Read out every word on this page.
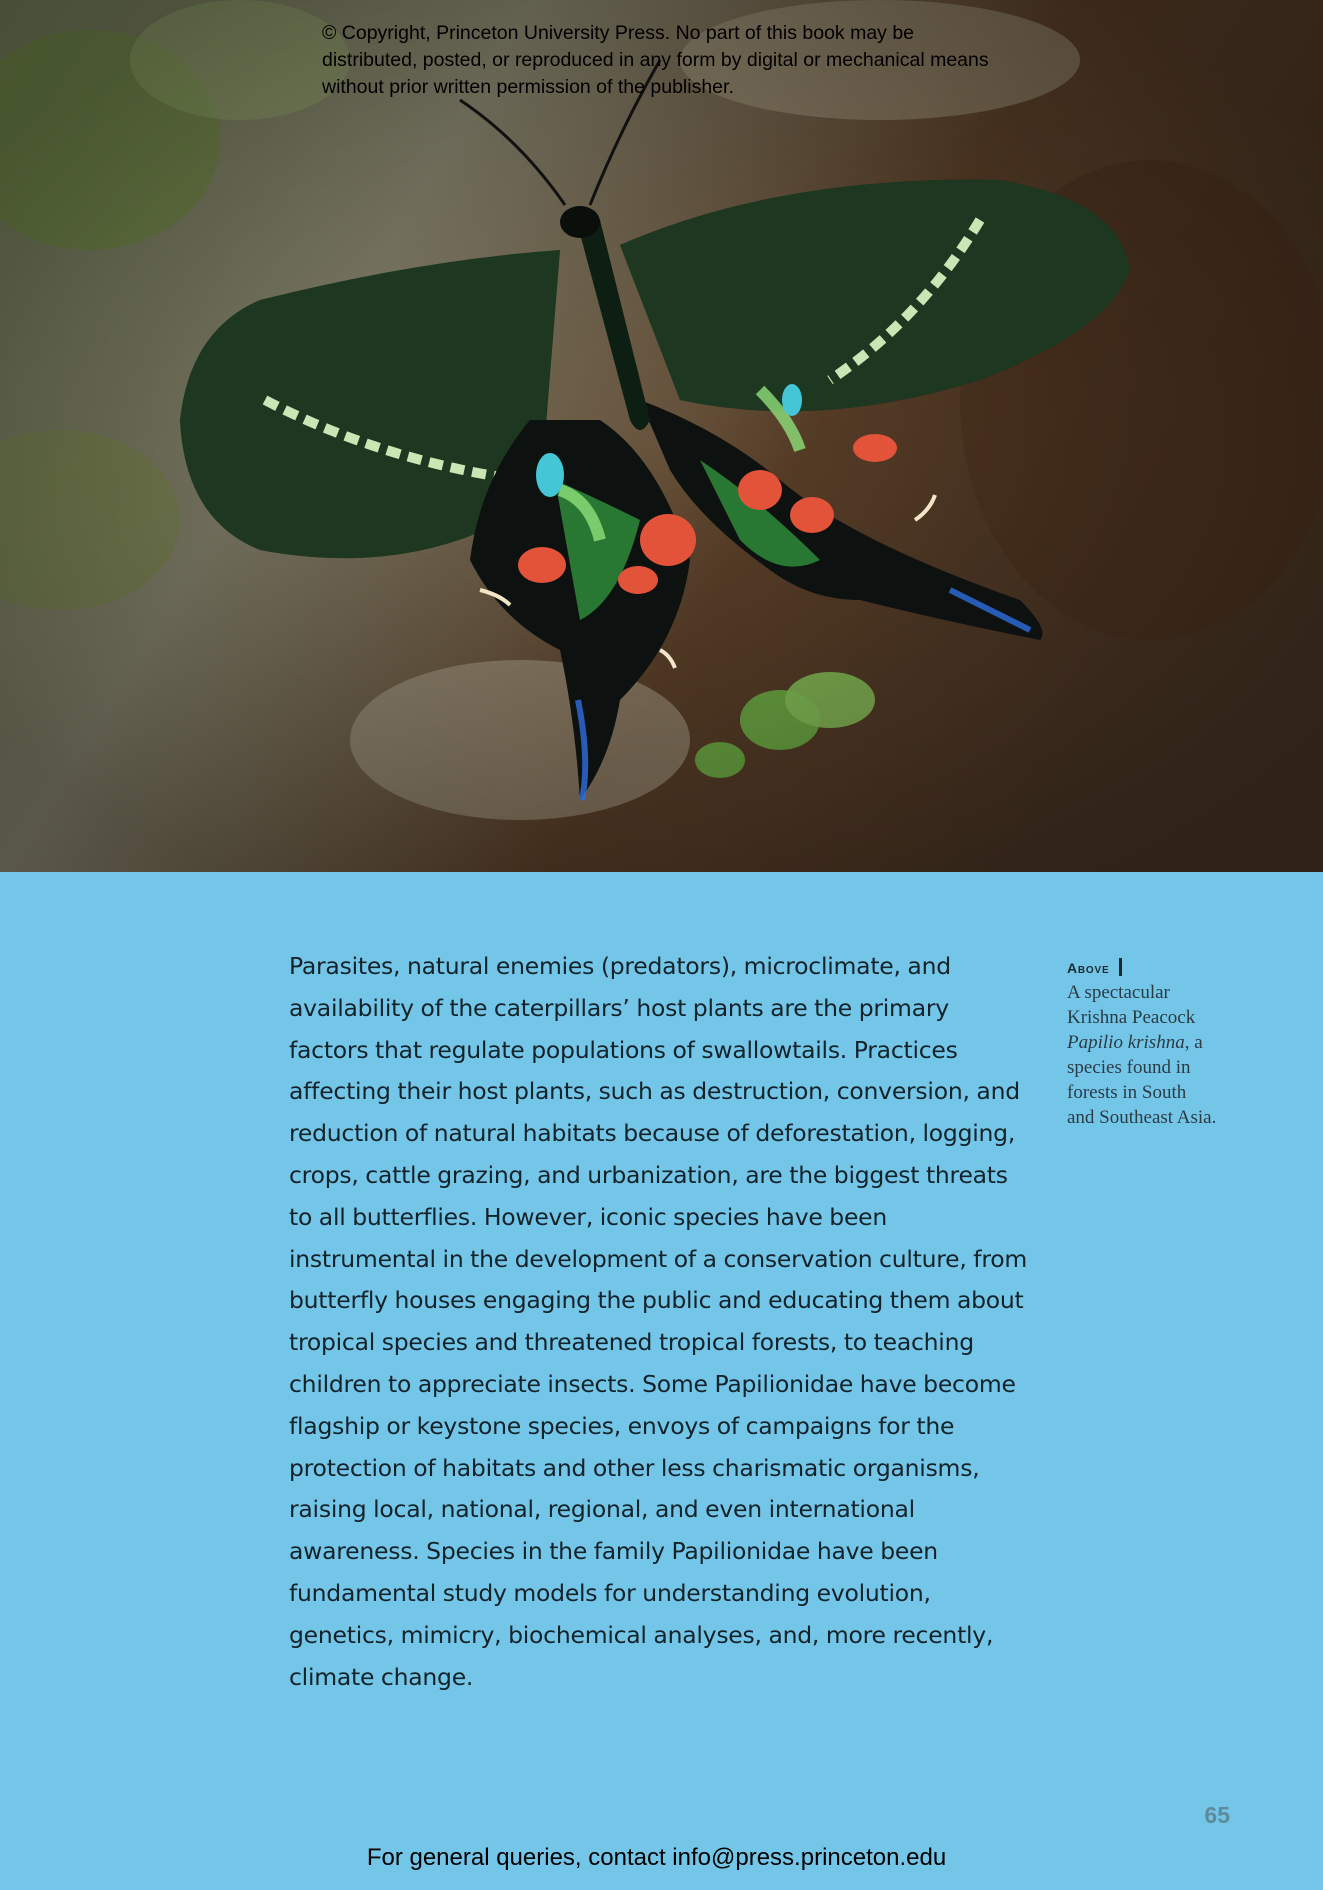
© Copyright, Princeton University Press. No part of this book may be distributed, posted, or reproduced in any form by digital or mechanical means without prior written permission of the publisher.
Parasites, natural enemies (predators), microclimate, and availability of the caterpillars’ host plants are the primary factors that regulate populations of swallowtails. Practices affecting their host plants, such as destruction, conversion, and reduction of natural habitats because of deforestation, logging, crops, cattle grazing, and urbanization, are the biggest threats to all butterflies. However, iconic species have been instrumental in the development of a conservation culture, from butterfly houses engaging the public and educating them about tropical species and threatened tropical forests, to teaching children to appreciate insects. Some Papilionidae have become flagship or keystone species, envoys of campaigns for the protection of habitats and other less charismatic organisms, raising local, national, regional, and even international awareness. Species in the family Papilionidae have been fundamental study models for understanding evolution, genetics, mimicry, biochemical analyses, and, more recently, climate change.
Above
A spectacular Krishna Peacock Papilio krishna, a species found in forests in South and Southeast Asia.
65
For general queries, contact info@press.princeton.edu
